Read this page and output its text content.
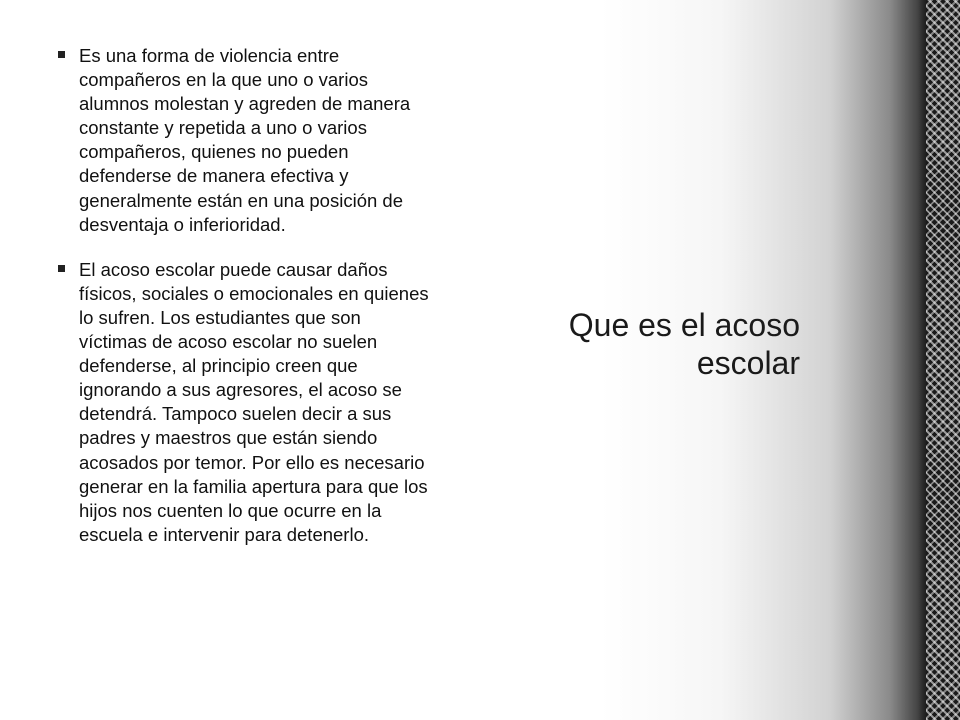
Es una forma de violencia entre compañeros en la que uno o varios alumnos molestan y agreden de manera constante y repetida a uno o varios compañeros, quienes no pueden defenderse de manera efectiva y generalmente están en una posición de desventaja o inferioridad.
El acoso escolar puede causar daños físicos, sociales o emocionales en quienes lo sufren. Los estudiantes que son víctimas de acoso escolar no suelen defenderse, al principio creen que ignorando a sus agresores, el acoso se detendrá. Tampoco suelen decir a sus padres y maestros que están siendo acosados por temor. Por ello es necesario generar en la familia apertura para que los hijos nos cuenten lo que ocurre en la escuela e intervenir para detenerlo.
Que es el acoso
escolar
